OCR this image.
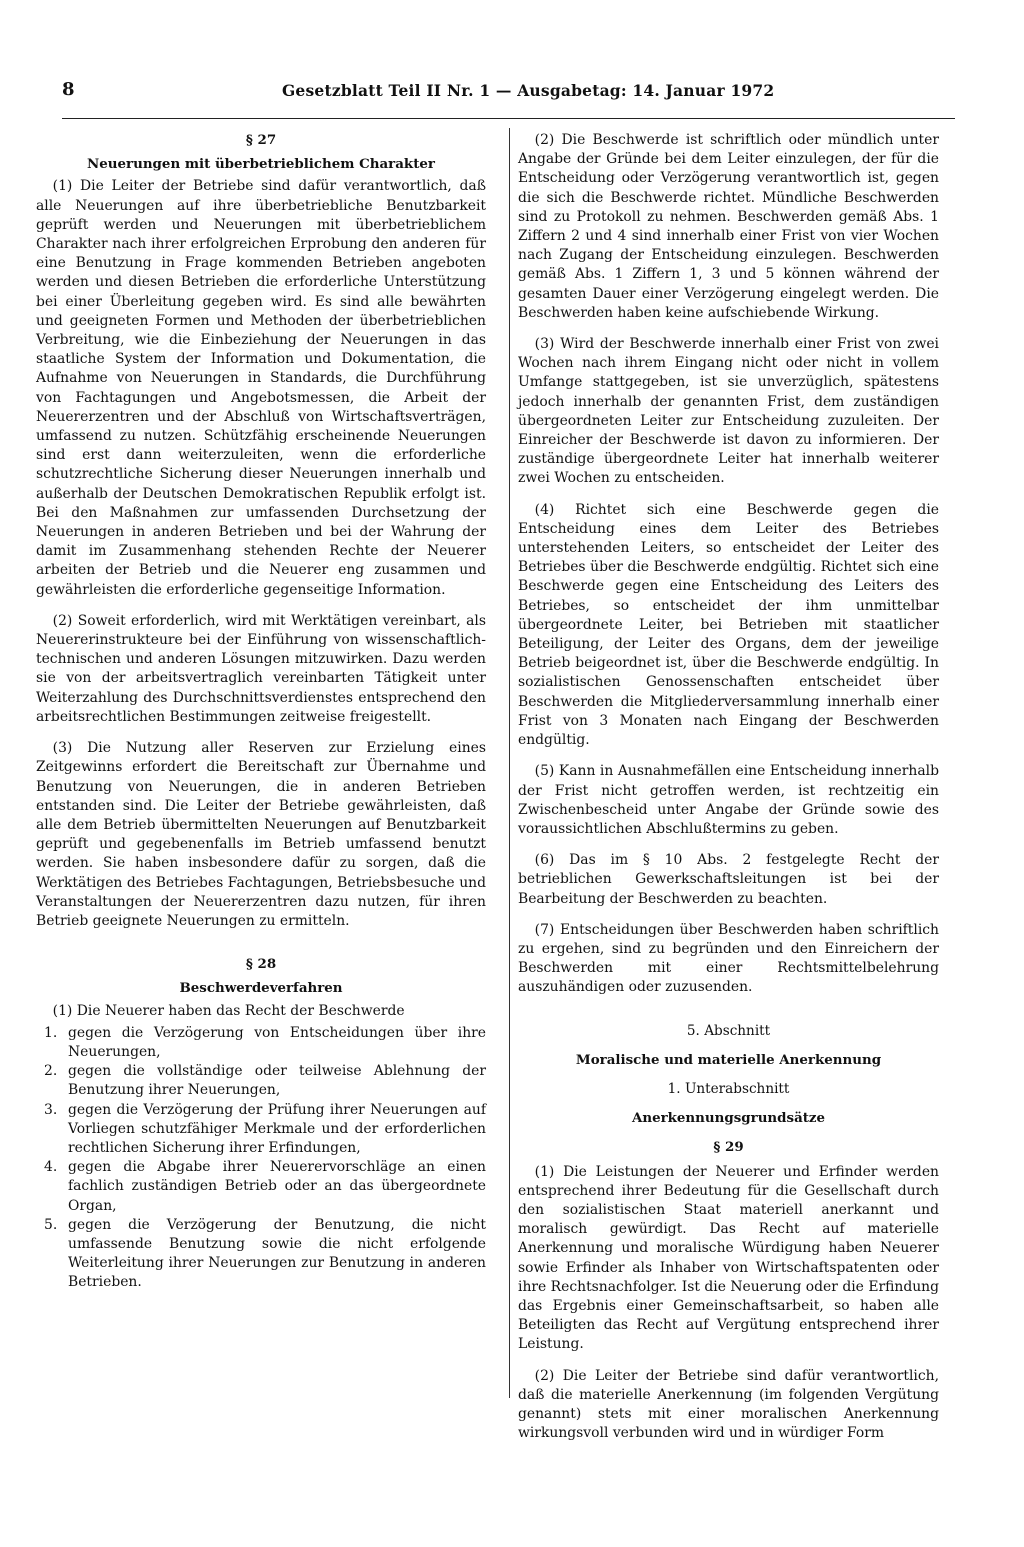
8	Gesetzblatt Teil II Nr. 1 — Ausgabetag: 14. Januar 1972
§ 27
Neuerungen mit überbetrieblichem Charakter

(1) Die Leiter der Betriebe sind dafür verantwortlich, daß alle Neuerungen auf ihre überbetriebliche Benutzbarkeit geprüft werden und Neuerungen mit überbetrieblichem Charakter nach ihrer erfolgreichen Erprobung den anderen für eine Benutzung in Frage kommenden Betrieben angeboten werden und diesen Betrieben die erforderliche Unterstützung bei einer Überleitung gegeben wird. Es sind alle bewährten und geeigneten Formen und Methoden der überbetrieblichen Verbreitung, wie die Einbeziehung der Neuerungen in das staatliche System der Information und Dokumentation, die Aufnahme von Neuerungen in Standards, die Durchführung von Fachtagungen und Angebotsmessen, die Arbeit der Neuererzentren und der Abschluß von Wirtschaftsverträgen, umfassend zu nutzen. Schützfähig erscheinende Neuerungen sind erst dann weiterzuleiten, wenn die erforderliche schutzrechtliche Sicherung dieser Neuerungen innerhalb und außerhalb der Deutschen Demokratischen Republik erfolgt ist. Bei den Maßnahmen zur umfassenden Durchsetzung der Neuerungen in anderen Betrieben und bei der Wahrung der damit im Zusammenhang stehenden Rechte der Neuerer arbeiten der Betrieb und die Neuerer eng zusammen und gewährleisten die erforderliche gegenseitige Information.

(2) Soweit erforderlich, wird mit Werktätigen vereinbart, als Neuererinstrukteure bei der Einführung von wissenschaftlich-technischen und anderen Lösungen mitzuwirken. Dazu werden sie von der arbeitsvertraglich vereinbarten Tätigkeit unter Weiterzahlung des Durchschnittsverdienstes entsprechend den arbeitsrechtlichen Bestimmungen zeitweise freigestellt.

(3) Die Nutzung aller Reserven zur Erzielung eines Zeitgewinns erfordert die Bereitschaft zur Übernahme und Benutzung von Neuerungen, die in anderen Betrieben entstanden sind. Die Leiter der Betriebe gewährleisten, daß alle dem Betrieb übermittelten Neuerungen auf Benutzbarkeit geprüft und gegebenenfalls im Betrieb umfassend benutzt werden. Sie haben insbesondere dafür zu sorgen, daß die Werktätigen des Betriebes Fachtagungen, Betriebsbesuche und Veranstaltungen der Neuererzentren dazu nutzen, für ihren Betrieb geeignete Neuerungen zu ermitteln.

§ 28
Beschwerdeverfahren

(1) Die Neuerer haben das Recht der Beschwerde

1. gegen die Verzögerung von Entscheidungen über ihre Neuerungen,
2. gegen die vollständige oder teilweise Ablehnung der Benutzung ihrer Neuerungen,
3. gegen die Verzögerung der Prüfung ihrer Neuerungen auf Vorliegen schutzfähiger Merkmale und der erforderlichen rechtlichen Sicherung ihrer Erfindungen,
4. gegen die Abgabe ihrer Neuerervorschläge an einen fachlich zuständigen Betrieb oder an das übergeordnete Organ,
5. gegen die Verzögerung der Benutzung, die nicht umfassende Benutzung sowie die nicht erfolgende Weiterleitung ihrer Neuerungen zur Benutzung in anderen Betrieben.

(2) Die Beschwerde ist schriftlich oder mündlich unter Angabe der Gründe bei dem Leiter einzulegen, der für die Entscheidung oder Verzögerung verantwortlich ist, gegen die sich die Beschwerde richtet. Mündliche Beschwerden sind zu Protokoll zu nehmen. Beschwerden gemäß Abs. 1 Ziffern 2 und 4 sind innerhalb einer Frist von vier Wochen nach Zugang der Entscheidung einzulegen. Beschwerden gemäß Abs. 1 Ziffern 1, 3 und 5 können während der gesamten Dauer einer Verzögerung eingelegt werden. Die Beschwerden haben keine aufschiebende Wirkung.

(3) Wird der Beschwerde innerhalb einer Frist von zwei Wochen nach ihrem Eingang nicht oder nicht in vollem Umfange stattgegeben, ist sie unverzüglich, spätestens jedoch innerhalb der genannten Frist, dem zuständigen übergeordneten Leiter zur Entscheidung zuzuleiten. Der Einreicher der Beschwerde ist davon zu informieren. Der zuständige übergeordnete Leiter hat innerhalb weiterer zwei Wochen zu entscheiden.

(4) Richtet sich eine Beschwerde gegen die Entscheidung eines dem Leiter des Betriebes unterstehenden Leiters, so entscheidet der Leiter des Betriebes über die Beschwerde endgültig. Richtet sich eine Beschwerde gegen eine Entscheidung des Leiters des Betriebes, so entscheidet der ihm unmittelbar übergeordnete Leiter, bei Betrieben mit staatlicher Beteiligung, der Leiter des Organs, dem der jeweilige Betrieb beigeordnet ist, über die Beschwerde endgültig. In sozialistischen Genossenschaften entscheidet über Beschwerden die Mitgliederversammlung innerhalb einer Frist von 3 Monaten nach Eingang der Beschwerden endgültig.

(5) Kann in Ausnahmefällen eine Entscheidung innerhalb der Frist nicht getroffen werden, ist rechtzeitig ein Zwischenbescheid unter Angabe der Gründe sowie des voraussichtlichen Abschlußtermins zu geben.

(6) Das im § 10 Abs. 2 festgelegte Recht der betrieblichen Gewerkschaftsleitungen ist bei der Bearbeitung der Beschwerden zu beachten.

(7) Entscheidungen über Beschwerden haben schriftlich zu ergehen, sind zu begründen und den Einreichern der Beschwerden mit einer Rechtsmittelbelehrung auszuhändigen oder zuzusenden.

5. Abschnitt
Moralische und materielle Anerkennung
1. Unterabschnitt
Anerkennungsgrundsätze
§ 29

(1) Die Leistungen der Neuerer und Erfinder werden entsprechend ihrer Bedeutung für die Gesellschaft durch den sozialistischen Staat materiell anerkannt und moralisch gewürdigt. Das Recht auf materielle Anerkennung und moralische Würdigung haben Neuerer sowie Erfinder als Inhaber von Wirtschaftspatenten oder ihre Rechtsnachfolger. Ist die Neuerung oder die Erfindung das Ergebnis einer Gemeinschaftsarbeit, so haben alle Beteiligten das Recht auf Vergütung entsprechend ihrer Leistung.

(2) Die Leiter der Betriebe sind dafür verantwortlich, daß die materielle Anerkennung (im folgenden Vergütung genannt) stets mit einer moralischen Anerkennung wirkungsvoll verbunden wird und in würdiger Form
